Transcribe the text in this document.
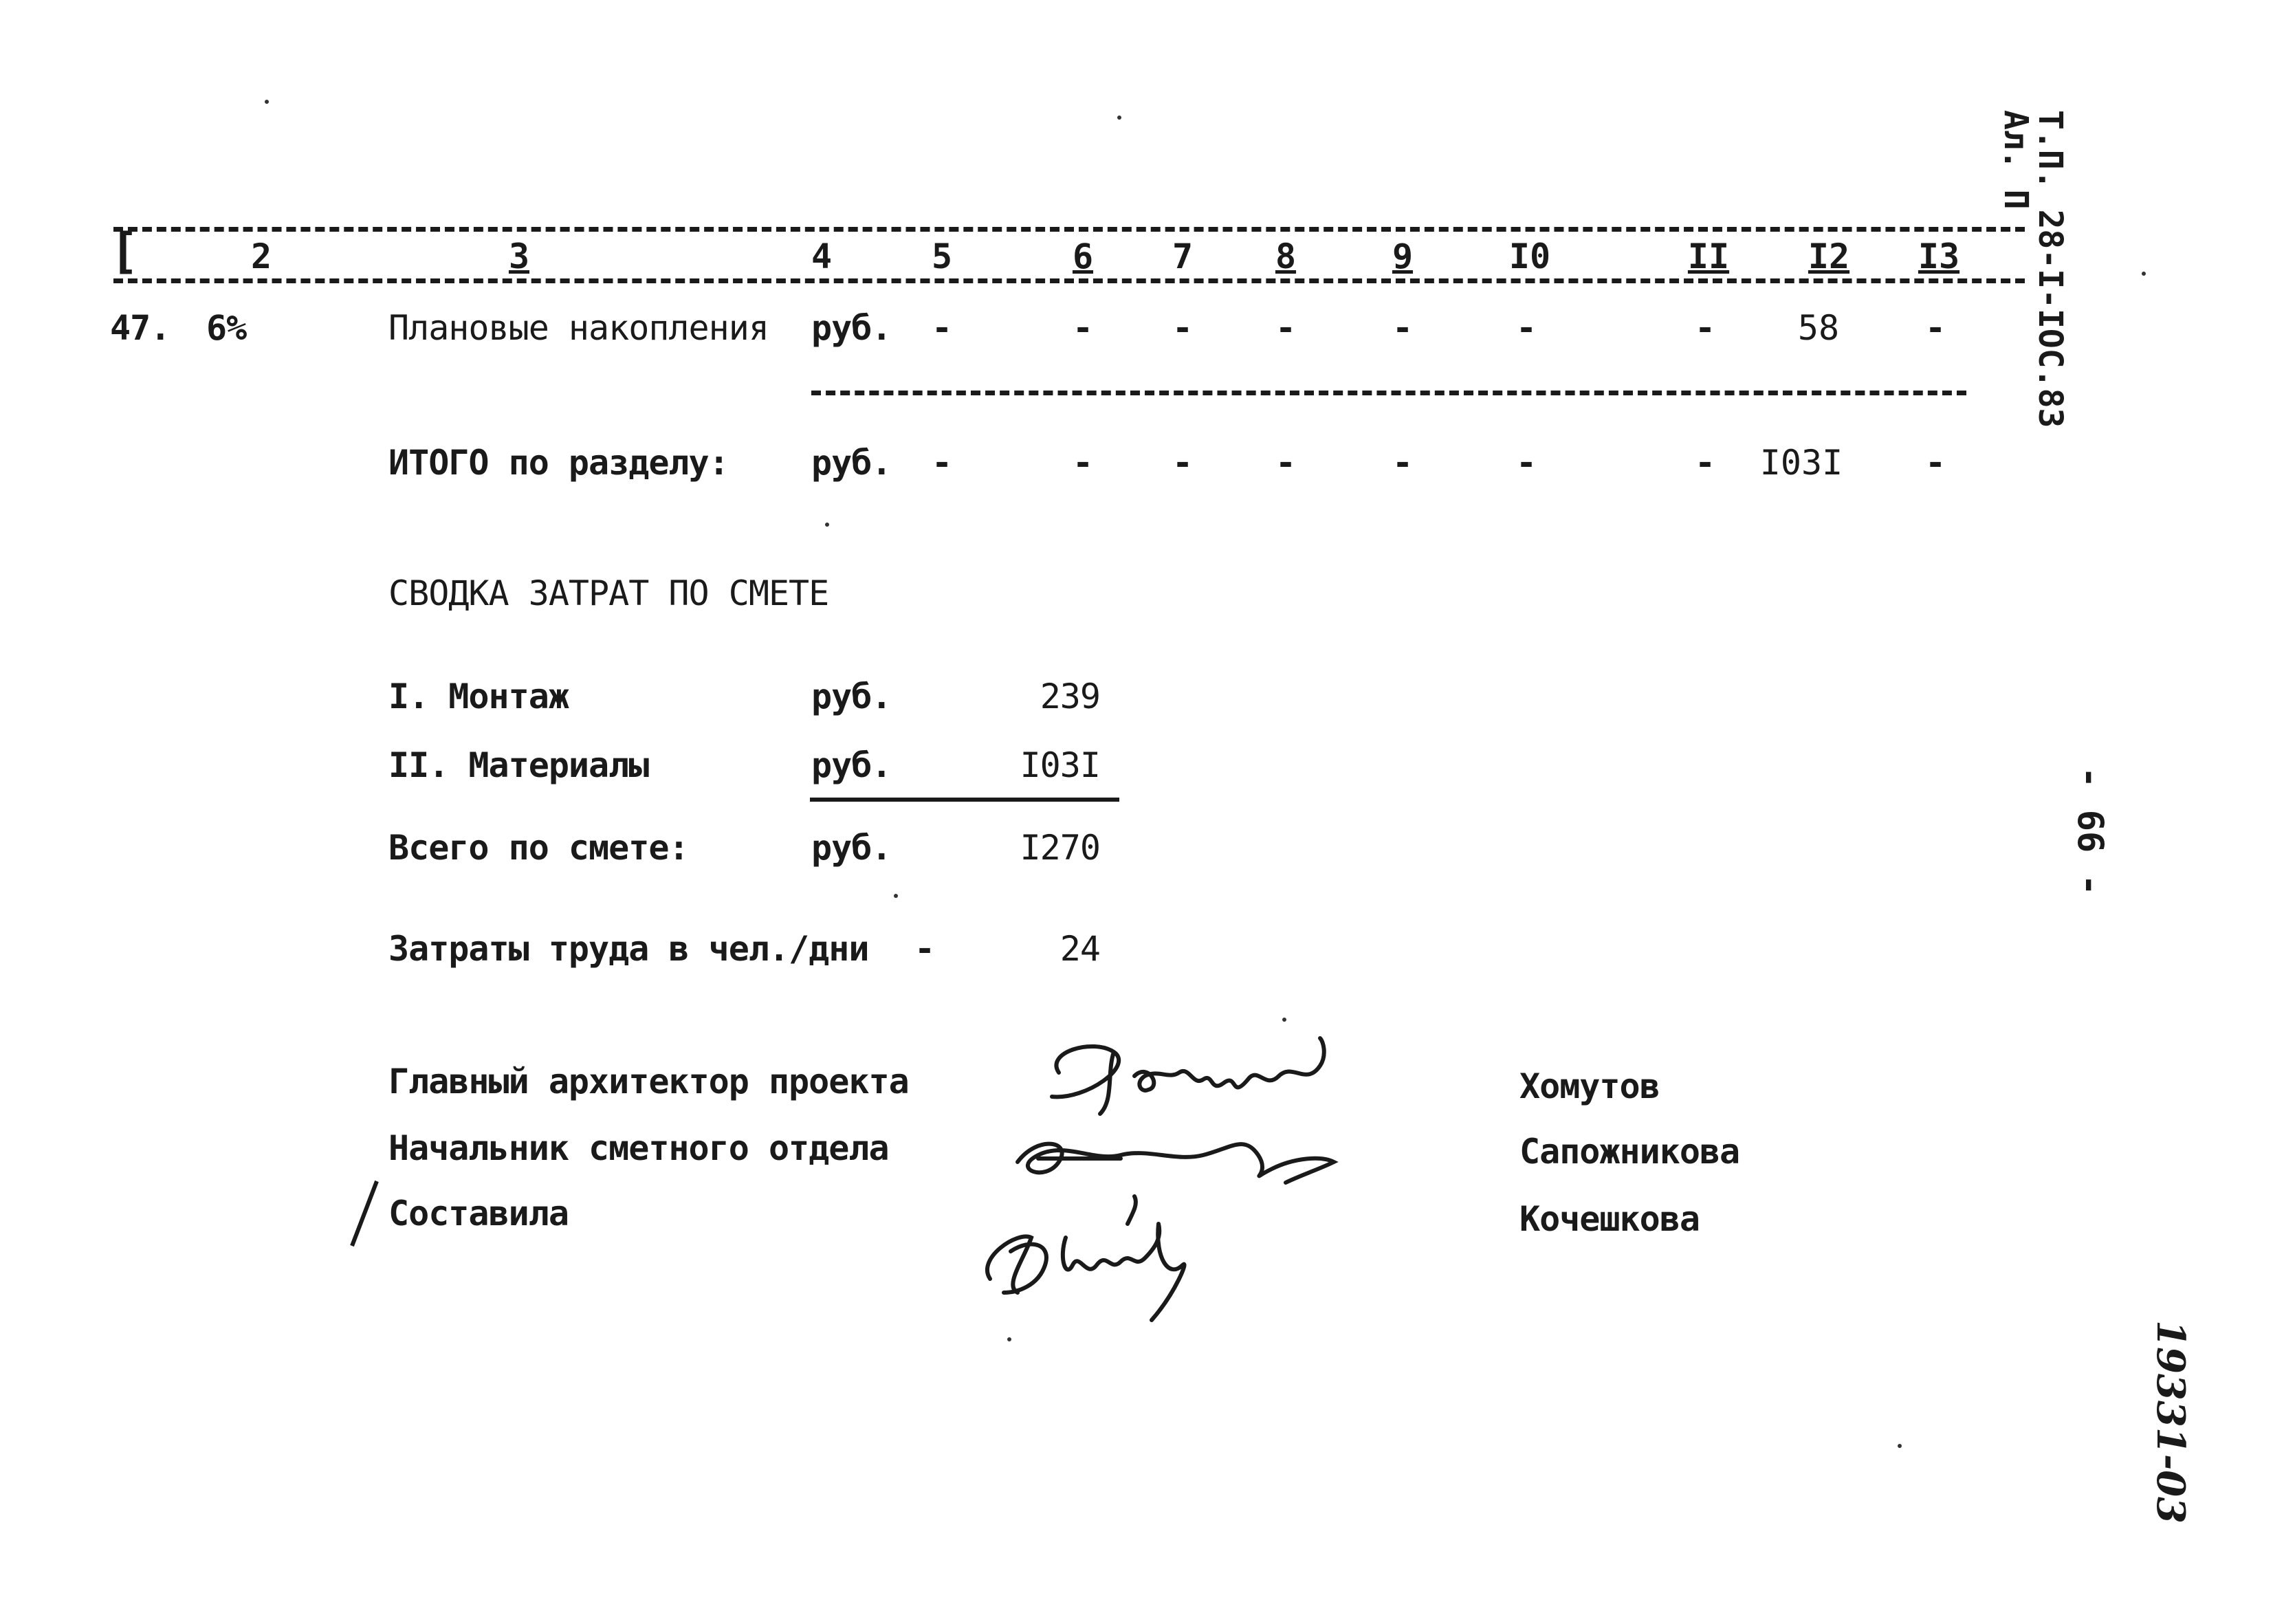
[	2	3	4	5	6	7	8	9	I0	II I2 I3
47. 6%	Плановые накопления руб.	-	-	-	-	-	-	-	58	-
ИТОГО по разделу: руб.	-	-	-	-	-	-	-	I03I	-
СВОДКА ЗАТРАТ ПО СМЕТЕ
I. Монтаж	руб.	239
II. Материалы	руб.	I03I
Всего по смете:	руб.	I270
Затраты труда в чел./дни -	24
Главный архитектор проекта
Начальник сметного отдела
Составила
Хомутов
Сапожникова
Кочешкова
Т.П. 28-I-IOC.83
Ал. П
- 66 -
19331-03
